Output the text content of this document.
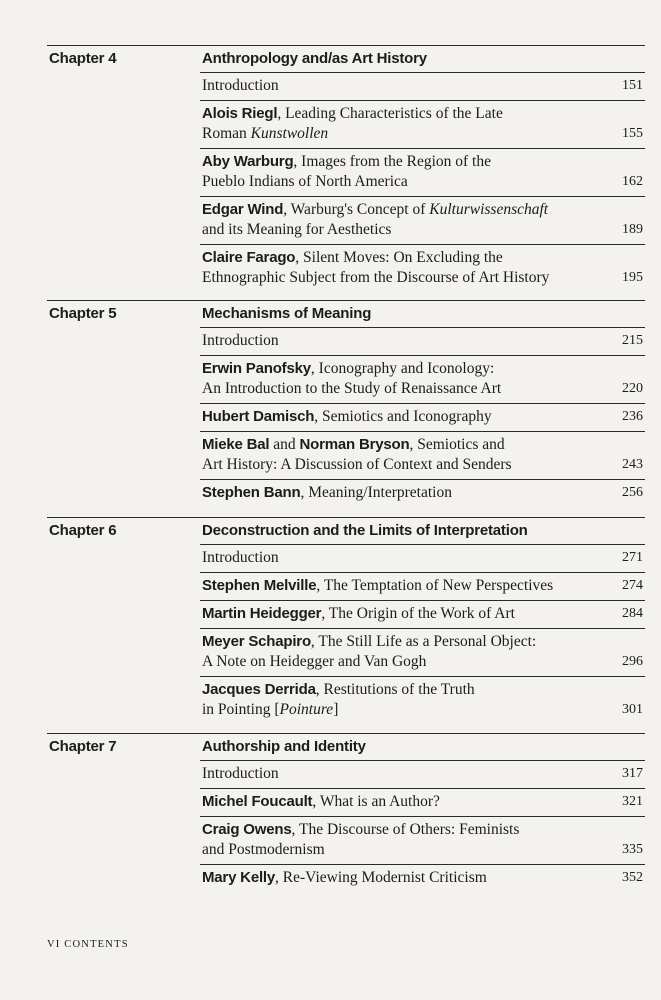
Chapter 4	Anthropology and/as Art History
Introduction	151
Alois Riegl, Leading Characteristics of the Late
Roman Kunstwollen	155
Aby Warburg, Images from the Region of the
Pueblo Indians of North America	162
Edgar Wind, Warburg's Concept of Kulturwissenschaft
and its Meaning for Aesthetics	189
Claire Farago, Silent Moves: On Excluding the
Ethnographic Subject from the Discourse of Art History	195
Chapter 5	Mechanisms of Meaning
Introduction	215
Erwin Panofsky, Iconography and Iconology:
An Introduction to the Study of Renaissance Art	220
Hubert Damisch, Semiotics and Iconography	236
Mieke Bal and Norman Bryson, Semiotics and
Art History: A Discussion of Context and Senders	243
Stephen Bann, Meaning/Interpretation	256
Chapter 6	Deconstruction and the Limits of Interpretation
Introduction	271
Stephen Melville, The Temptation of New Perspectives	274
Martin Heidegger, The Origin of the Work of Art	284
Meyer Schapiro, The Still Life as a Personal Object:
A Note on Heidegger and Van Gogh	296
Jacques Derrida, Restitutions of the Truth
in Pointing [Pointure]	301
Chapter 7	Authorship and Identity
Introduction	317
Michel Foucault, What is an Author?	321
Craig Owens, The Discourse of Others: Feminists
and Postmodernism	335
Mary Kelly, Re-Viewing Modernist Criticism	352
VI CONTENTS
